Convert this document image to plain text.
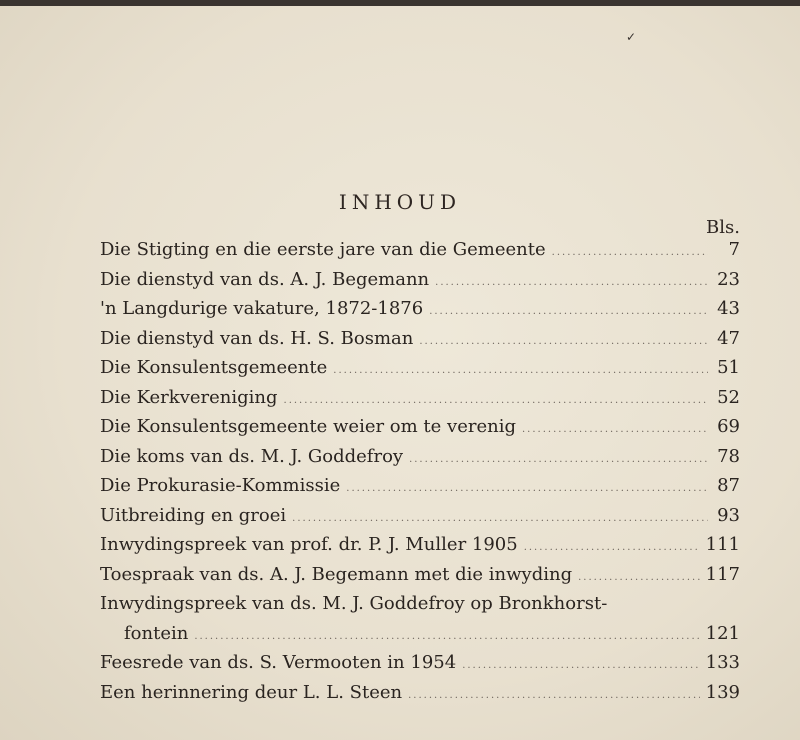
✓
INHOUD
Bls.
Die Stigting en die eerste jare van die Gemeente .....	7
Die dienstyd van ds. A. J. Begemann .....	23
'n Langdurige vakature, 1872-1876 .....	43
Die dienstyd van ds. H. S. Bosman .....	47
Die Konsulentsgemeente .....	51
Die Kerkvereniging .....	52
Die Konsulentsgemeente weier om te verenig .....	69
Die koms van ds. M. J. Goddefroy .....	78
Die Prokurasie-Kommissie .....	87
Uitbreiding en groei .....	93
Inwydingspreek van prof. dr. P. J. Muller 1905 .....	111
Toespraak van ds. A. J. Begemann met die inwyding .....	117
Inwydingspreek van ds. M. J. Goddefroy op Bronkhorst-
fontein .....	121
Feesrede van ds. S. Vermooten in 1954 .....	133
Een herinnering deur L. L. Steen .....	139
